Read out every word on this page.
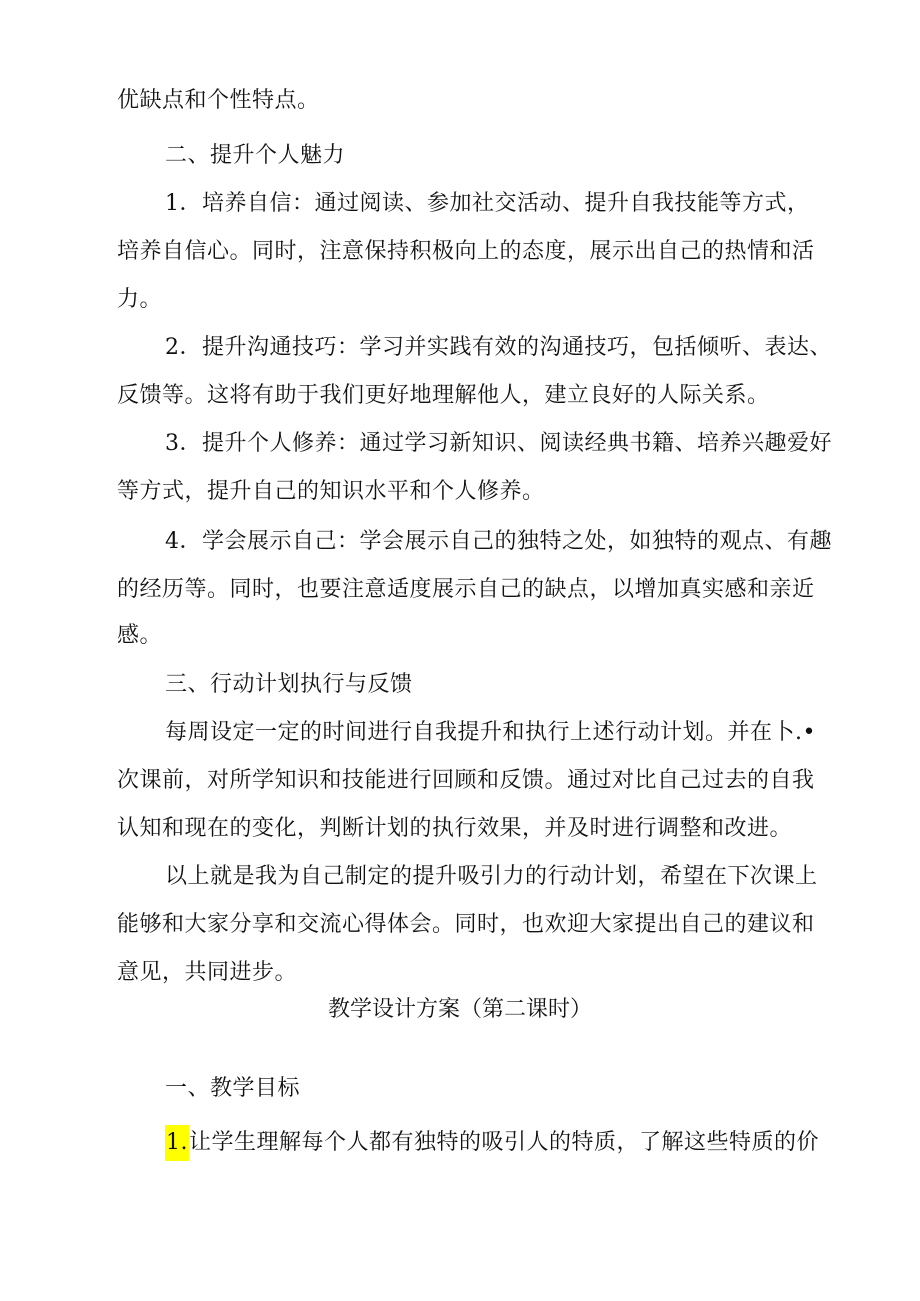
优缺点和个性特点。
二、提升个人魅力
1．培养自信：通过阅读、参加社交活动、提升自我技能等方式，
培养自信心。同时，注意保持积极向上的态度，展示出自己的热情和活
力。
2．提升沟通技巧：学习并实践有效的沟通技巧，包括倾听、表达、
反馈等。这将有助于我们更好地理解他人，建立良好的人际关系。
3．提升个人修养：通过学习新知识、阅读经典书籍、培养兴趣爱好
等方式，提升自己的知识水平和个人修养。
4．学会展示自己：学会展示自己的独特之处，如独特的观点、有趣
的经历等。同时，也要注意适度展示自己的缺点，以增加真实感和亲近
感。
三、行动计划执行与反馈
每周设定一定的时间进行自我提升和执行上述行动计划。并在卜.•
次课前，对所学知识和技能进行回顾和反馈。通过对比自己过去的自我
认知和现在的变化，判断计划的执行效果，并及时进行调整和改进。
以上就是我为自己制定的提升吸引力的行动计划，希望在下次课上
能够和大家分享和交流心得体会。同时，也欢迎大家提出自己的建议和
意见，共同进步。
教学设计方案（第二课时）
一、教学目标
1.让学生理解每个人都有独特的吸引人的特质，了解这些特质的价
